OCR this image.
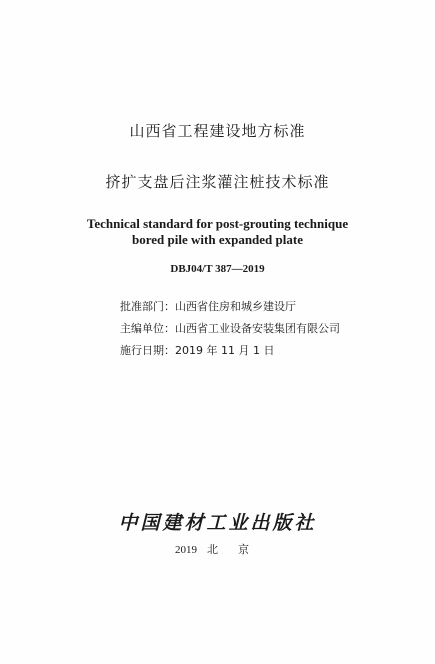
山西省工程建设地方标准
挤扩支盘后注浆灌注桩技术标准
Technical standard for post-grouting technique
bored pile with expanded plate
DBJ04/T 387—2019
批准部门：山西省住房和城乡建设厅
主编单位：山西省工业设备安装集团有限公司
施行日期：2019 年 11 月 1 日
中国建材工业出版社
2019 北 京
